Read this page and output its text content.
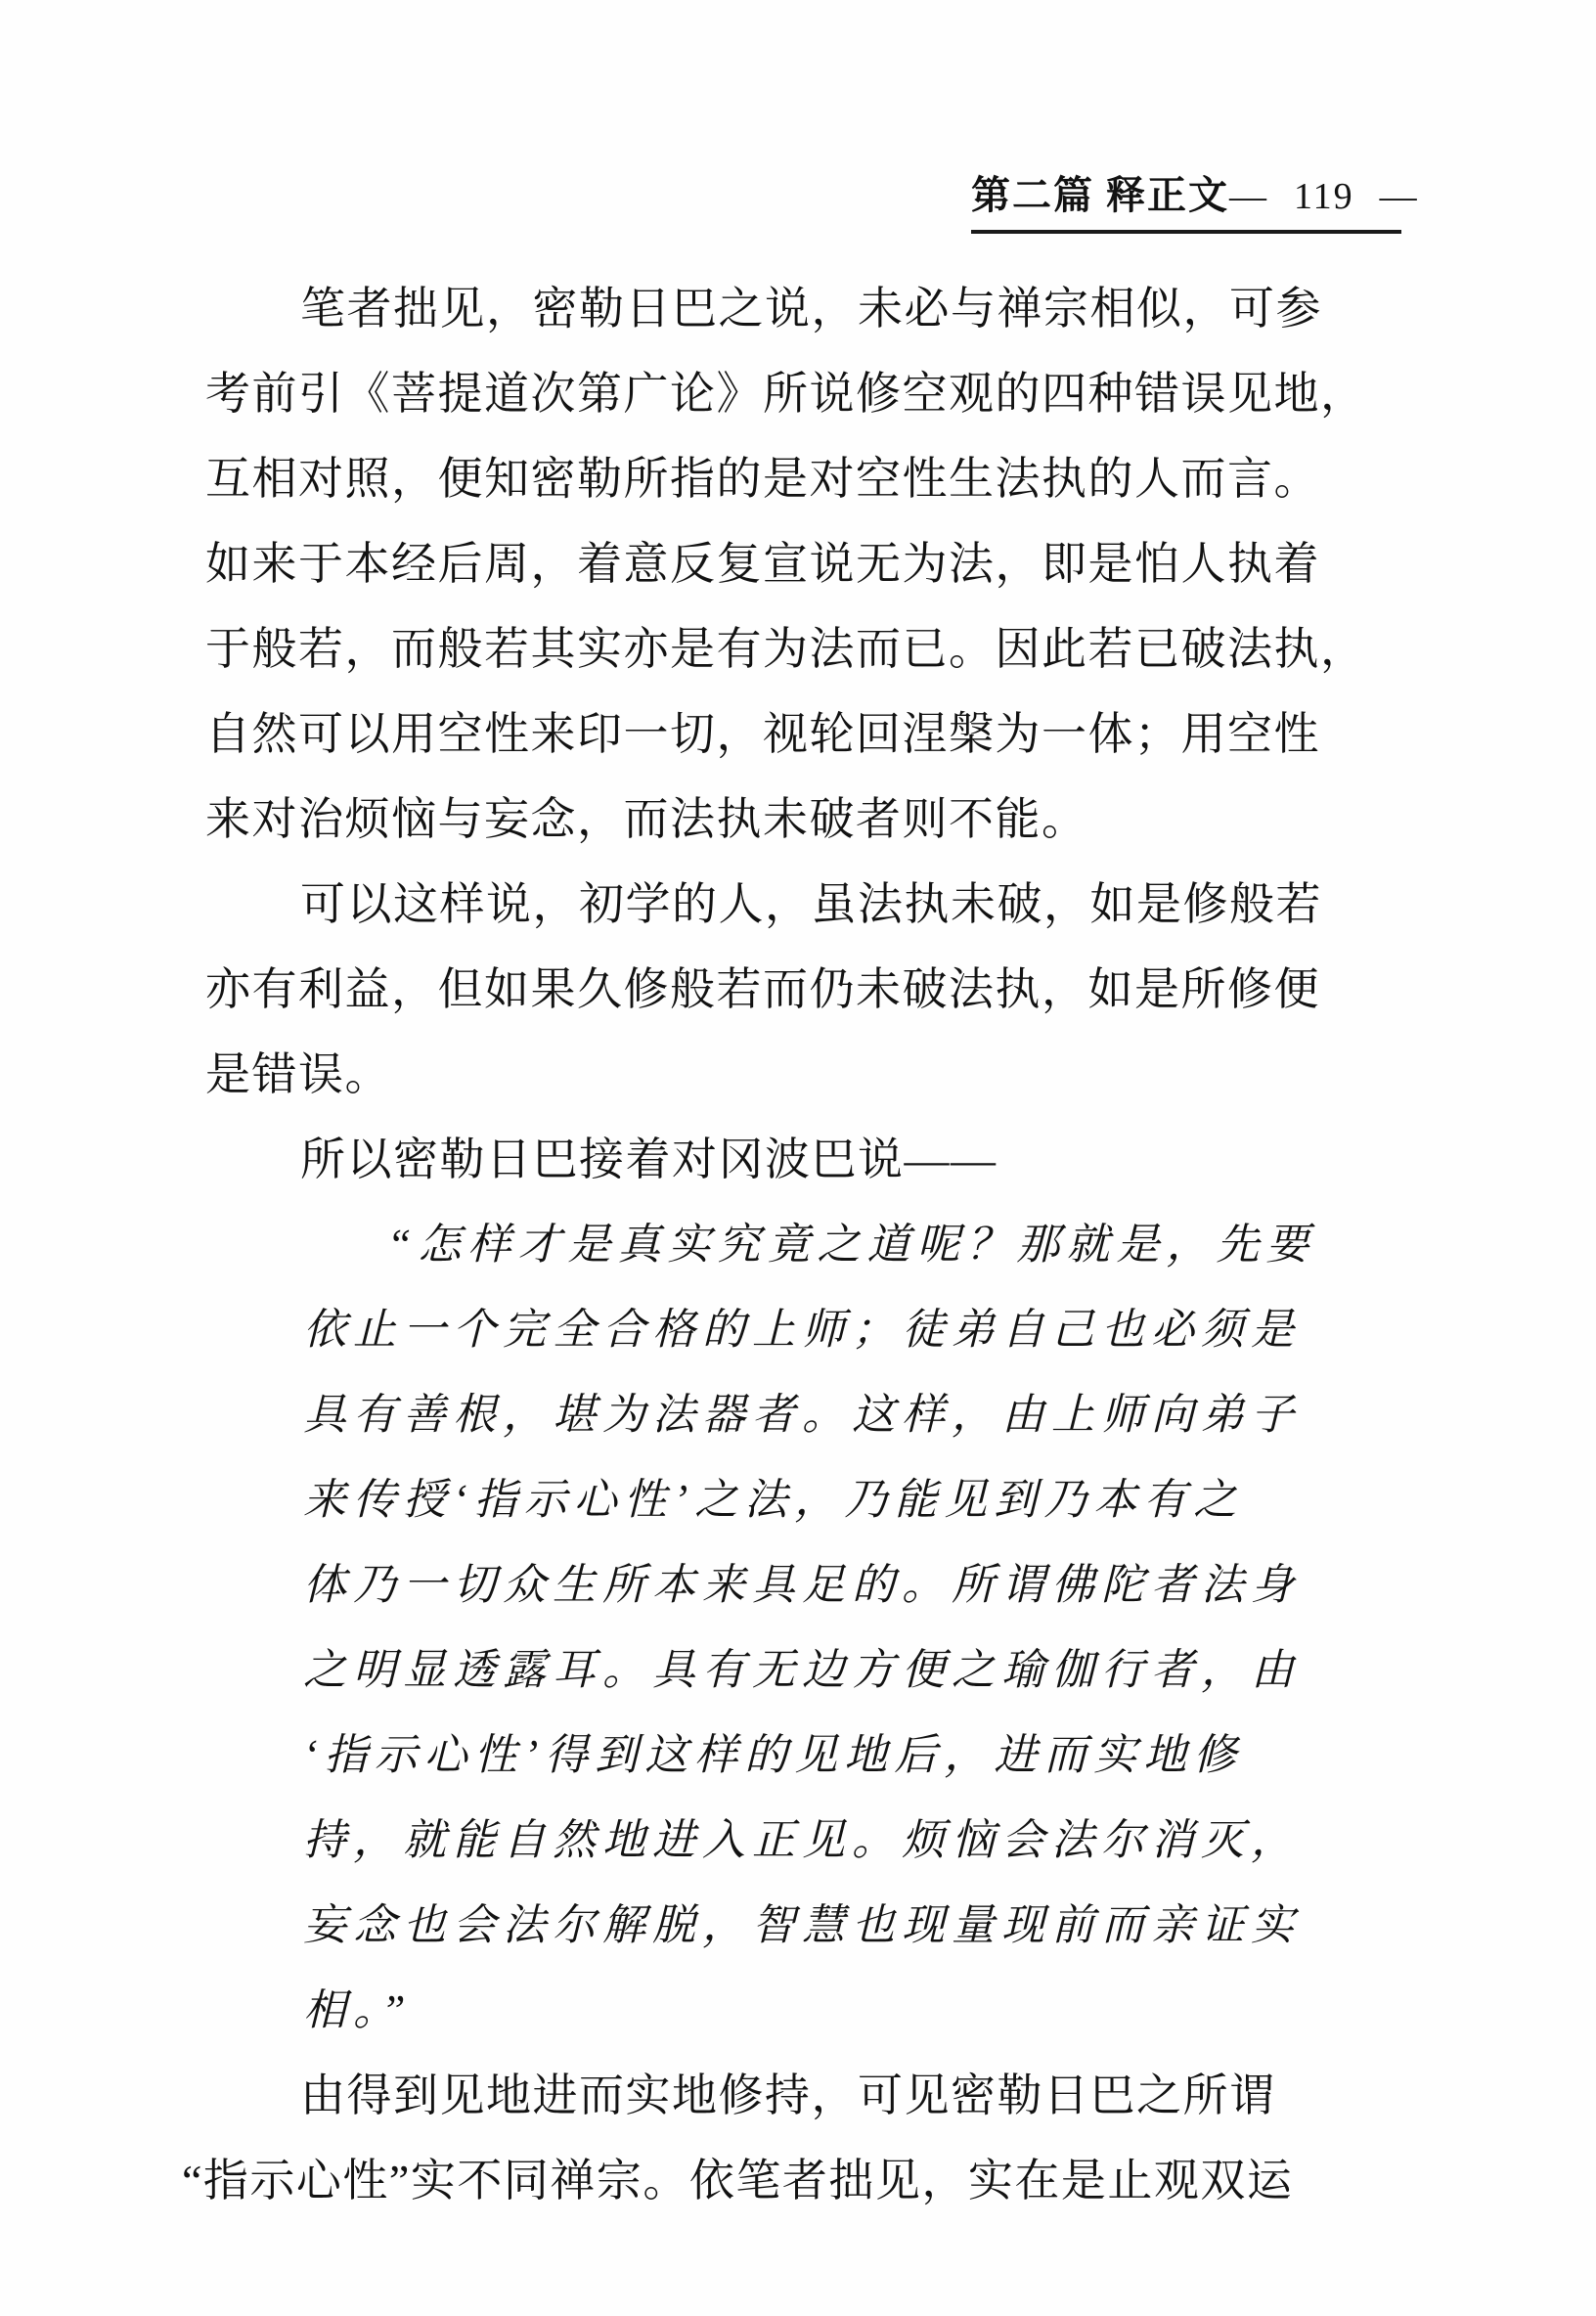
第二篇 释正文 — 119 —
笔者拙见，密勒日巴之说，未必与禅宗相似，可参
考前引《菩提道次第广论》所说修空观的四种错误见地，
互相对照，便知密勒所指的是对空性生法执的人而言。
如来于本经后周，着意反复宣说无为法，即是怕人执着
于般若，而般若其实亦是有为法而已。因此若已破法执，
自然可以用空性来印一切，视轮回涅槃为一体；用空性
来对治烦恼与妄念，而法执未破者则不能。
可以这样说，初学的人，虽法执未破，如是修般若
亦有利益，但如果久修般若而仍未破法执，如是所修便
是错误。
所以密勒日巴接着对冈波巴说——
“怎样才是真实究竟之道呢？那就是，先要
依止一个完全合格的上师；徒弟自己也必须是
具有善根，堪为法器者。这样，由上师向弟子
来传授‘指示心性’之法，乃能见到乃本有之
体乃一切众生所本来具足的。所谓佛陀者法身
之明显透露耳。具有无边方便之瑜伽行者，由
‘指示心性’得到这样的见地后，进而实地修
持，就能自然地进入正见。烦恼会法尔消灭，
妄念也会法尔解脱，智慧也现量现前而亲证实
相。”
由得到见地进而实地修持，可见密勒日巴之所谓
“指示心性”实不同禅宗。依笔者拙见，实在是止观双运
